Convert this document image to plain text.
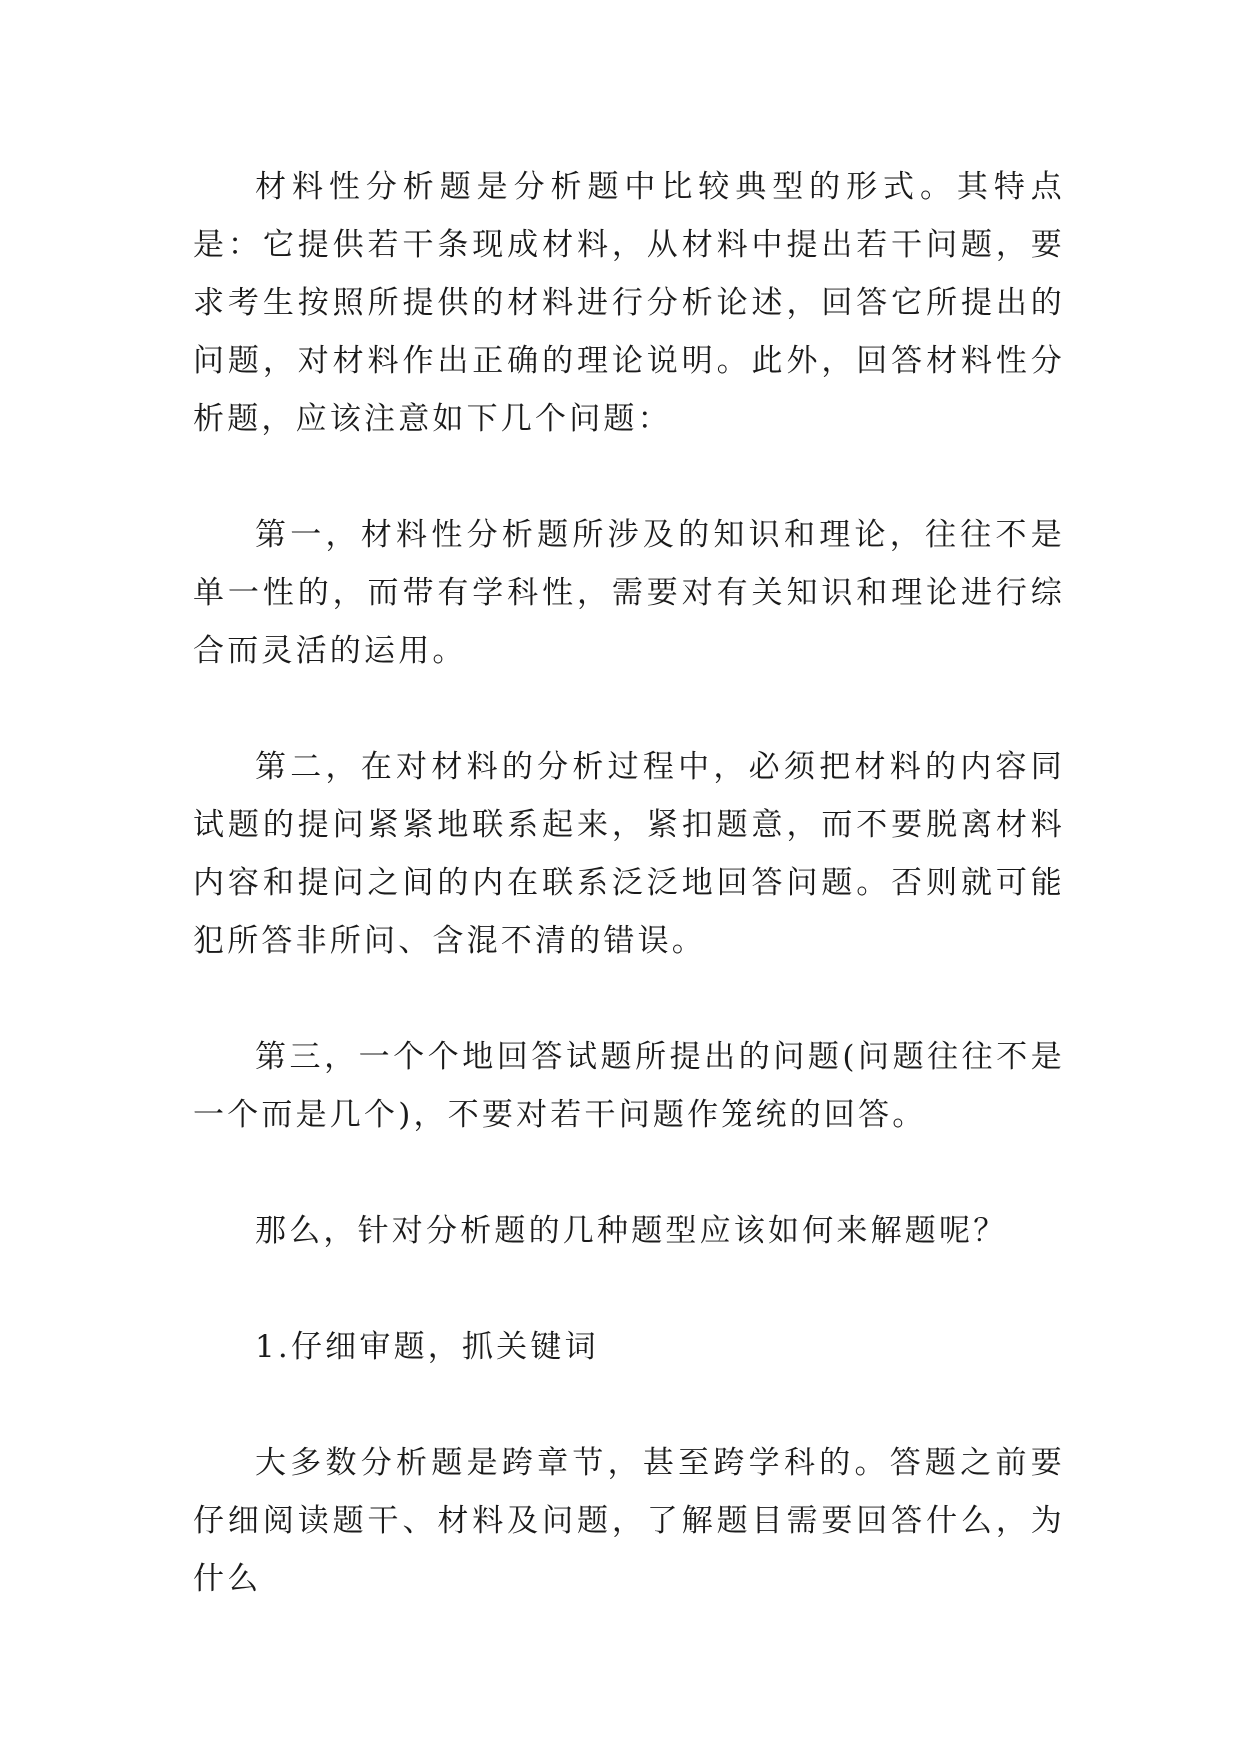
材料性分析题是分析题中比较典型的形式。其特点是：它提供若干条现成材料，从材料中提出若干问题，要求考生按照所提供的材料进行分析论述，回答它所提出的问题，对材料作出正确的理论说明。此外，回答材料性分析题，应该注意如下几个问题：

第一，材料性分析题所涉及的知识和理论，往往不是单一性的，而带有学科性，需要对有关知识和理论进行综合而灵活的运用。

第二，在对材料的分析过程中，必须把材料的内容同试题的提问紧紧地联系起来，紧扣题意，而不要脱离材料内容和提问之间的内在联系泛泛地回答问题。否则就可能犯所答非所问、含混不清的错误。

第三，一个个地回答试题所提出的问题(问题往往不是一个而是几个)，不要对若干问题作笼统的回答。

那么，针对分析题的几种题型应该如何来解题呢？

1.仔细审题，抓关键词

大多数分析题是跨章节，甚至跨学科的。答题之前要仔细阅读题干、材料及问题，了解题目需要回答什么，为什么
